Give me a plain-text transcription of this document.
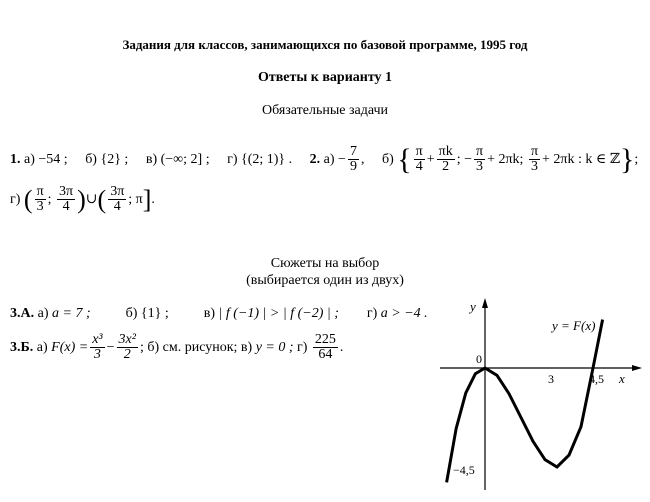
Задания для классов, занимающихся по базовой программе, 1995 год
Ответы к варианту 1
Обязательные задачи
1. а) −54 ; б) {2} ; в) (−∞; 2] ; г) {(2; 1)} . 2. $а) - \frac{7}{9}$ ,     б) { $\frac{\pi}{4} + \frac{\pi k}{2}$ ; − $\frac{\pi}{3} + 2\pi k$; $\frac{\pi}{3} + 2\pi k$ : k ∈ ℤ};
г) ( $\frac{\pi}{3}$ ; $\frac{3\pi}{4}$ )∪( $\frac{3\pi}{4}$ ; π].
Сюжеты на выбор
(выбирается один из двух)
3.А. а) a = 7 ;	б) {1} ;	в) | f (−1) | > | f (−2) | ; г) a > −4 .
3.Б. а) $F(x) = \frac{\text{x³}}{3} - \frac{\text{3x²}}{2}$ ; б) см. рисунок; в) y = 0 ; $г) \frac{225}{64}$ .
y
x
y = F(x)
0
3	4,5
−4,5
